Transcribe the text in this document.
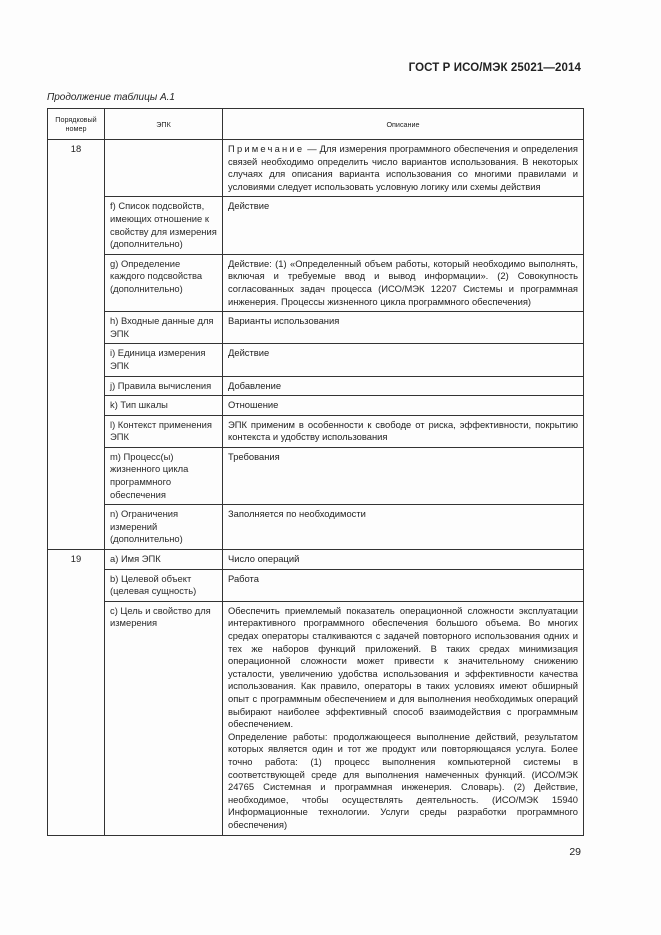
ГОСТ Р ИСО/МЭК 25021—2014
Продолжение таблицы А.1
Порядковый
номер	ЭПК	Описание
18		Примечание — Для измерения программного обеспечения и определения связей необходимо определить число вариантов использования. В некоторых случаях для описания варианта использования со многими правилами и условиями следует использовать условную логику или схемы действия
	f) Список подсвойств, имеющих отношение к свойству для измерения (дополнительно)	Действие
	g) Определение каждого подсвойства (дополнительно)	Действие: (1) «Определенный объем работы, который необходимо выполнять, включая и требуемые ввод и вывод информации». (2) Совокупность согласованных задач процесса (ИСО/МЭК 12207 Системы и программная инженерия. Процессы жизненного цикла программного обеспечения)
	h) Входные данные для ЭПК	Варианты использования
	i) Единица измерения ЭПК	Действие
	j) Правила вычисления	Добавление
	k) Тип шкалы	Отношение
	l) Контекст применения ЭПК	ЭПК применим в особенности к свободе от риска, эффективности, покрытию контекста и удобству использования
	m) Процесс(ы) жизненного цикла программного обеспечения	Требования
	n) Ограничения измерений (дополнительно)	Заполняется по необходимости
19	a) Имя ЭПК	Число операций
	b) Целевой объект (целевая сущность)	Работа
	c) Цель и свойство для измерения	Обеспечить приемлемый показатель операционной сложности эксплуатации интерактивного программного обеспечения большого объема. Во многих средах операторы сталкиваются с задачей повторного использования одних и тех же наборов функций приложений. В таких средах минимизация операционной сложности может привести к значительному снижению усталости, увеличению удобства использования и эффективности качества использования. Как правило, операторы в таких условиях имеют обширный опыт с программным обеспечением и для выполнения необходимых операций выбирают наиболее эффективный способ взаимодействия с программным обеспечением.
Определение работы: продолжающееся выполнение действий, результатом которых является один и тот же продукт или повторяющаяся услуга. Более точно работа: (1) процесс выполнения компьютерной системы в соответствующей среде для выполнения намеченных функций. (ИСО/МЭК 24765 Системная и программная инженерия. Словарь). (2) Действие, необходимое, чтобы осуществлять деятельность. (ИСО/МЭК 15940 Информационные технологии. Услуги среды разработки программного обеспечения)
29
